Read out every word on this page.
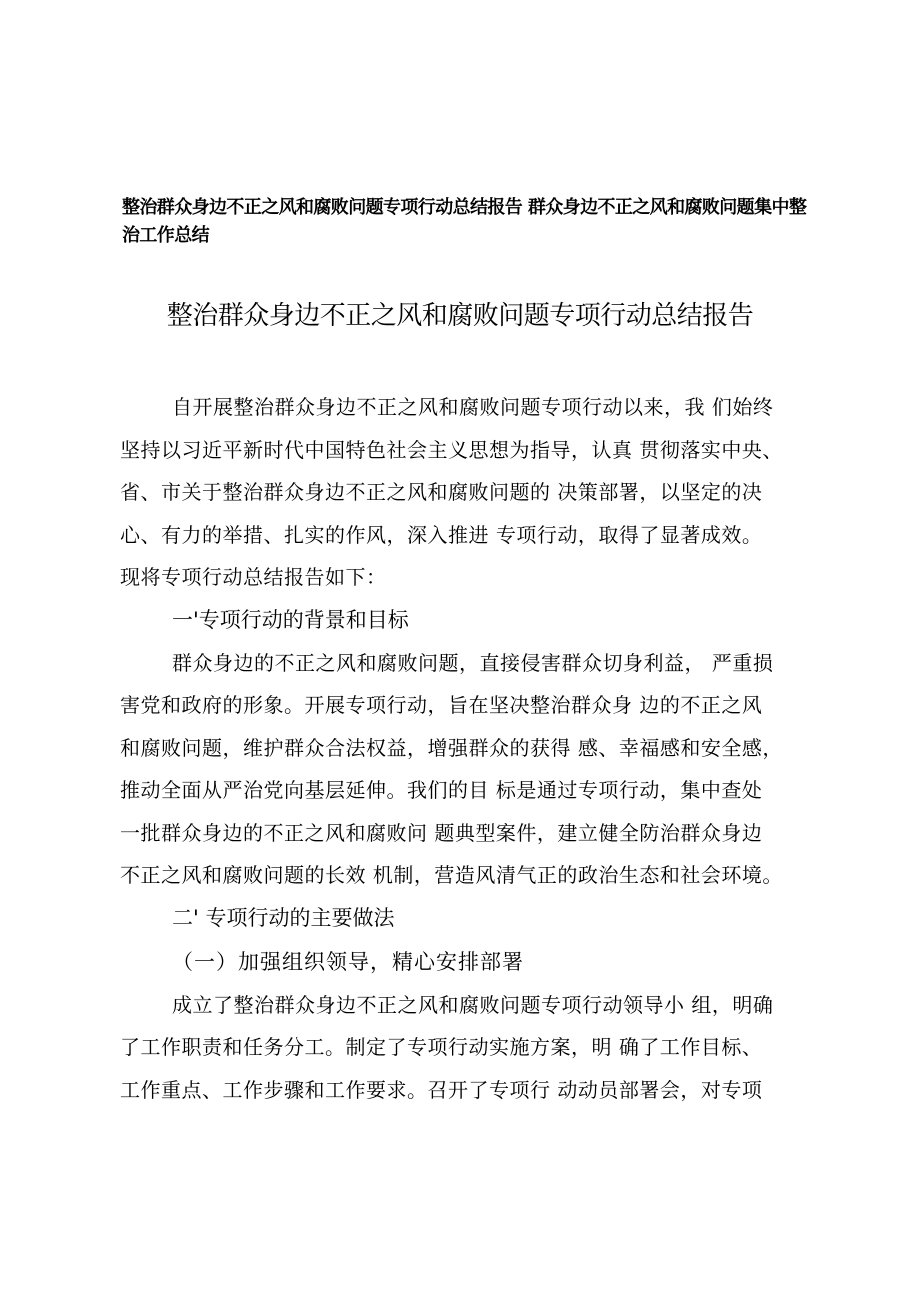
整治群众身边不正之风和腐败问题专项行动总结报告 群众身边不正之风和腐败问题集中整治工作总结
整治群众身边不正之风和腐败问题专项行动总结报告
自开展整治群众身边不正之风和腐败问题专项行动以来，我 们始终
坚持以习近平新时代中国特色社会主义思想为指导，认真 贯彻落实中央、
省、市关于整治群众身边不正之风和腐败问题的 决策部署，以坚定的决
心、有力的举措、扎实的作风，深入推进 专项行动，取得了显著成效。
现将专项行动总结报告如下：
一'专项行动的背景和目标
群众身边的不正之风和腐败问题，直接侵害群众切身利益， 严重损
害党和政府的形象。开展专项行动，旨在坚决整治群众身 边的不正之风
和腐败问题，维护群众合法权益，增强群众的获得 感、幸福感和安全感，
推动全面从严治党向基层延伸。我们的目 标是通过专项行动，集中查处
一批群众身边的不正之风和腐败问 题典型案件，建立健全防治群众身边
不正之风和腐败问题的长效 机制，营造风清气正的政治生态和社会环境。
二' 专项行动的主要做法
（一）加强组织领导，精心安排部署
成立了整治群众身边不正之风和腐败问题专项行动领导小 组，明确
了工作职责和任务分工。制定了专项行动实施方案，明 确了工作目标、
工作重点、工作步骤和工作要求。召开了专项行 动动员部署会，对专项
